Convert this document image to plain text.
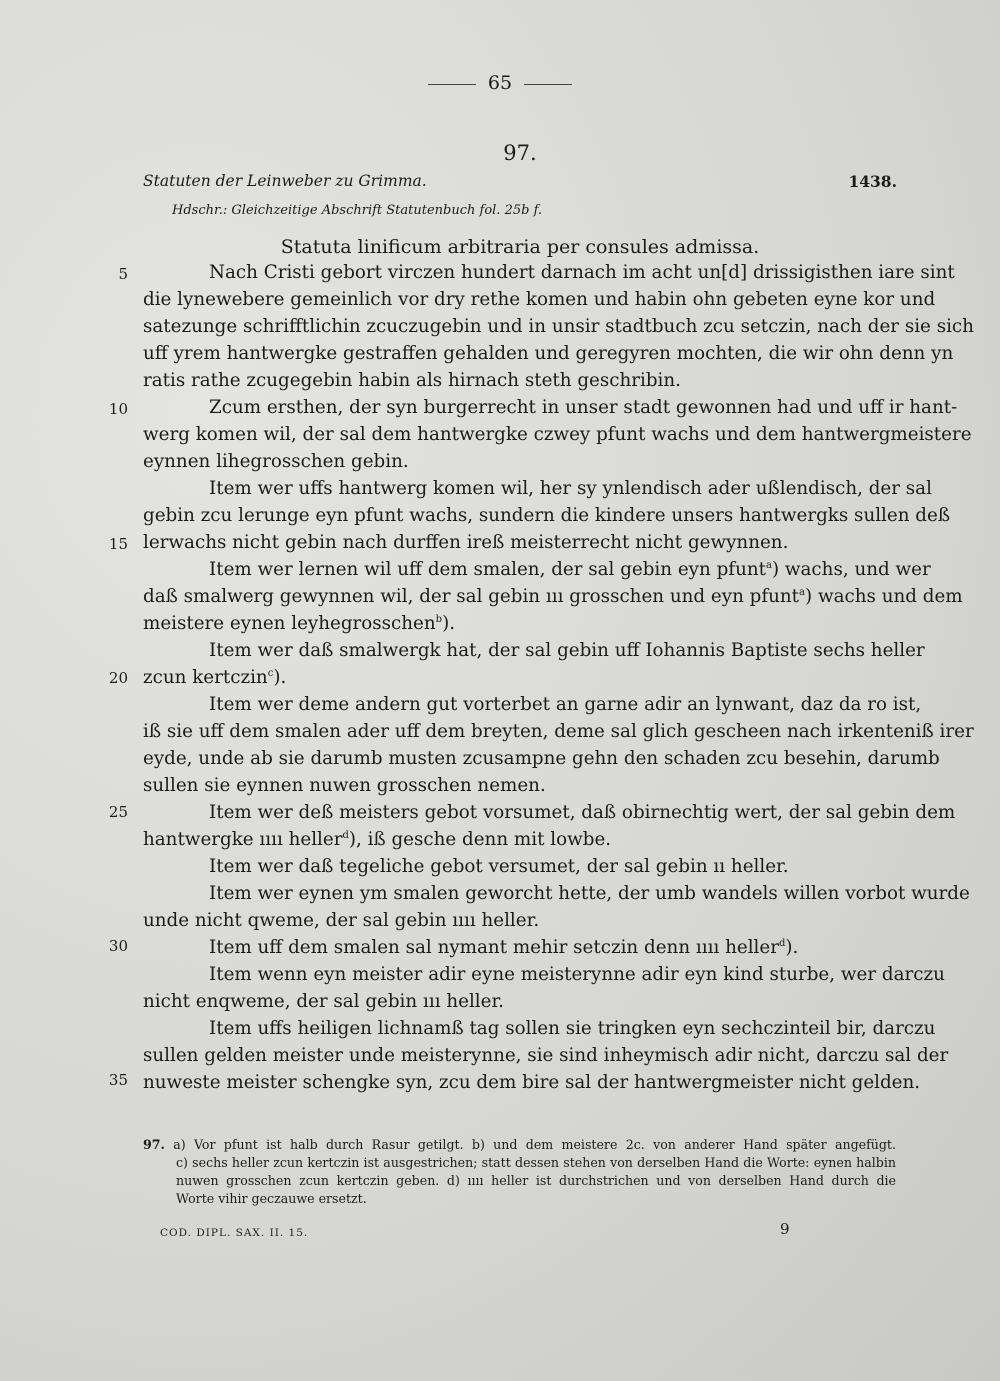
65
97.
Statuten der Leinweber zu Grimma.	1438.
Hdschr.: Gleichzeitige Abschrift Statutenbuch fol. 25b f.
Statuta linificum arbitraria per consules admissa.
5
10
15
20
25
30
35
Nach Cristi gebort virczen hundert darnach im acht un[d] drissigisthen iare sint
die lynewebere gemeinlich vor dry rethe komen und habin ohn gebeten eyne kor und
satezunge schrifftlichin zcuczugebin und in unsir stadtbuch zcu setczin, nach der sie sich
uff yrem hantwergke gestraffen gehalden und geregyren mochten, die wir ohn denn yn
ratis rathe zcugegebin habin als hirnach steth geschribin.
Zcum ersthen, der syn burgerrecht in unser stadt gewonnen had und uff ir hant-
werg komen wil, der sal dem hantwergke czwey pfunt wachs und dem hantwergmeistere
eynnen lihegrosschen gebin.
Item wer uffs hantwerg komen wil, her sy ynlendisch ader ußlendisch, der sal
gebin zcu lerunge eyn pfunt wachs, sundern die kindere unsers hantwergks sullen deß
lerwachs nicht gebin nach durffen ireß meisterrecht nicht gewynnen.
Item wer lernen wil uff dem smalen, der sal gebin eyn pfunt$^a$) wachs, und wer
daß smalwerg gewynnen wil, der sal gebin ııı grosschen und eyn pfunt$^a$) wachs und dem
meistere eynen leyhegrosschen$^b$).
Item wer daß smalwergk hat, der sal gebin uff Iohannis Baptiste sechs heller
zcun kertczin$^c$).
Item wer deme andern gut vorterbet an garne adir an lynwant, daz da ro ist,
iß sie uff dem smalen ader uff dem breyten, deme sal glich gescheen nach irkenteniß irer
eyde, unde ab sie darumb musten zcusampne gehn den schaden zcu besehin, darumb
sullen sie eynnen nuwen grosschen nemen.
Item wer deß meisters gebot vorsumet, daß obirnechtig wert, der sal gebin dem
hantwergke ıııı heller$^d$), iß gesche denn mit lowbe.
Item wer daß tegeliche gebot versumet, der sal gebin ıı heller.
Item wer eynen ym smalen geworcht hette, der umb wandels willen vorbot wurde
unde nicht qweme, der sal gebin ıııı heller.
Item uff dem smalen sal nymant mehir setczin denn ıııı heller$^d$).
Item wenn eyn meister adir eyne meisterynne adir eyn kind sturbe, wer darczu
nicht enqweme, der sal gebin ııı heller.
Item uffs heiligen lichnamß tag sollen sie tringken eyn sechczinteil bir, darczu
sullen gelden meister unde meisterynne, sie sind inheymisch adir nicht, darczu sal der
nuweste meister schengke syn, zcu dem bire sal der hantwergmeister nicht gelden.
97. a) Vor pfunt ist halb durch Rasur getilgt. b) und dem meistere 2c. von anderer Hand später angefügt.
c) sechs heller zcun kertczin ist ausgestrichen; statt dessen stehen von derselben Hand die Worte: eynen halbin
nuwen grosschen zcun kertczin geben. d) ıııı heller ist durchstrichen und von derselben Hand durch die
Worte vihir geczauwe ersetzt.
COD. DIPL. SAX. II. 15.	9
